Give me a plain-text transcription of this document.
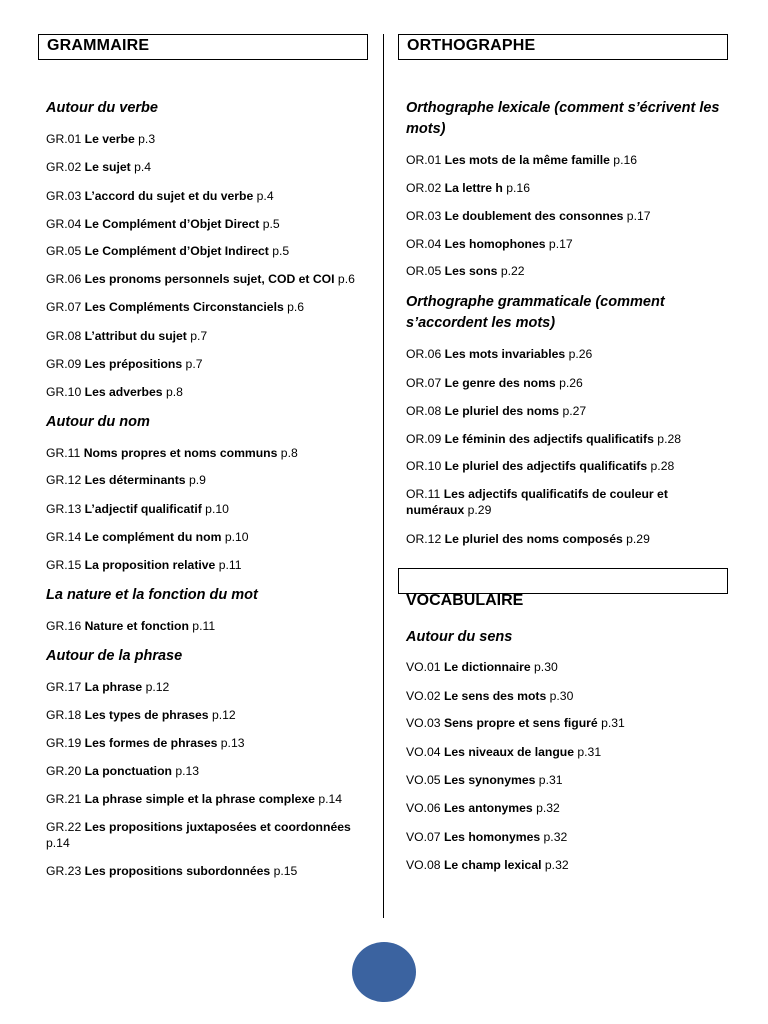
GRAMMAIRE
Autour du verbe
GR.01 Le verbe p.3
GR.02 Le sujet p.4
GR.03 L’accord du sujet et du verbe p.4
GR.04 Le Complément d’Objet Direct p.5
GR.05 Le Complément d’Objet Indirect p.5
GR.06 Les pronoms personnels sujet, COD et COI p.6
GR.07 Les Compléments Circonstanciels p.6
GR.08 L’attribut du sujet p.7
GR.09 Les prépositions p.7
GR.10 Les adverbes p.8
Autour du nom
GR.11 Noms propres et noms communs p.8
GR.12 Les déterminants p.9
GR.13 L’adjectif qualificatif p.10
GR.14 Le complément du nom p.10
GR.15 La proposition relative p.11
La nature et la fonction du mot
GR.16 Nature et fonction p.11
Autour de la phrase
GR.17 La phrase p.12
GR.18 Les types de phrases p.12
GR.19 Les formes de phrases p.13
GR.20 La ponctuation p.13
GR.21 La phrase simple et la phrase complexe p.14
GR.22 Les propositions juxtaposées et coordonnées p.14
GR.23 Les propositions subordonnées p.15
ORTHOGRAPHE
Orthographe lexicale (comment s’écrivent les mots)
OR.01 Les mots de la même famille p.16
OR.02 La lettre h p.16
OR.03 Le doublement des consonnes p.17
OR.04 Les homophones p.17
OR.05 Les sons p.22
Orthographe grammaticale (comment s’accordent les mots)
OR.06 Les mots invariables p.26
OR.07 Le genre des noms p.26
OR.08 Le pluriel des noms p.27
OR.09 Le féminin des adjectifs qualificatifs p.28
OR.10 Le pluriel des adjectifs qualificatifs p.28
OR.11 Les adjectifs qualificatifs de couleur et numéraux p.29
OR.12 Le pluriel des noms composés p.29
VOCABULAIRE
Autour du sens
VO.01 Le dictionnaire p.30
VO.02 Le sens des mots p.30
VO.03 Sens propre et sens figuré p.31
VO.04 Les niveaux de langue p.31
VO.05 Les synonymes p.31
VO.06 Les antonymes p.32
VO.07 Les homonymes p.32
VO.08 Le champ lexical p.32
